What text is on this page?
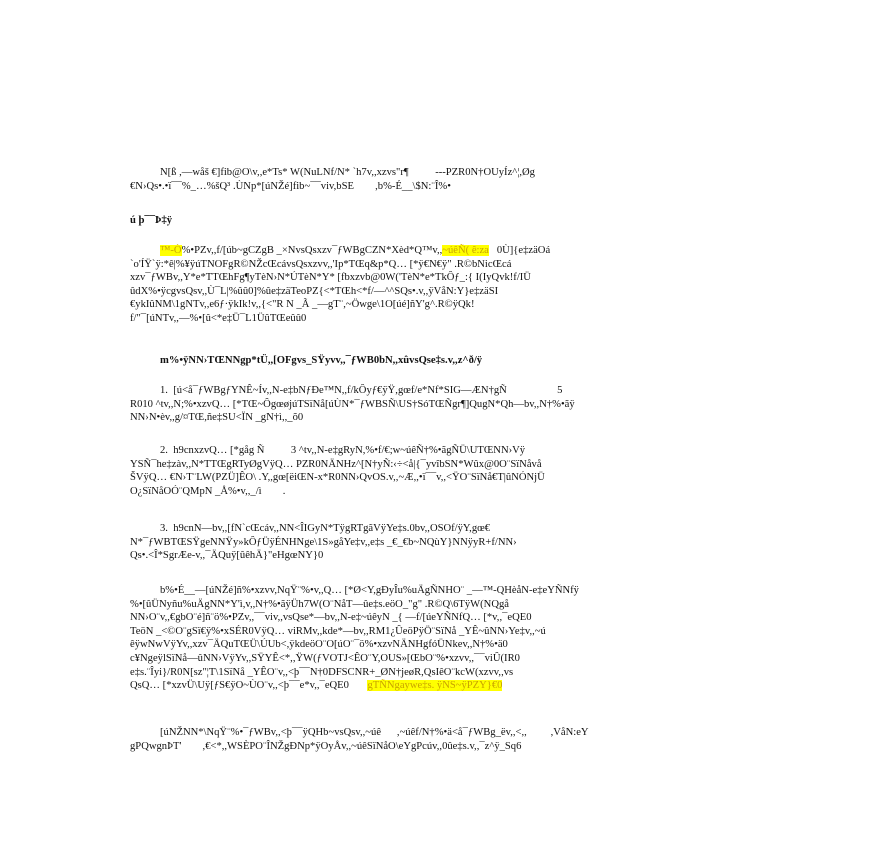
N[ß ,—wåš €]fib@O\v,,e*Ts* W(NuLNf/N* `h7v,,xzvs"r¶          ---PZR0N†OUyÍz^¦,Øg
€N›Qs•.•ï¯¯%_…%šQ³ .ÙNp*[úNŽé]fib~¯¯viv,bSE        ,b%-É__\$N:¨Î%•
ú þ¯¯Þ‡ÿ
™-Ò%•PZv,,f/[úb~gCZgB _×NvsQsxzv¯ƒWBgCZN*Xèd*Q™v,,~úêÑ( ê:za   0Ù]{e‡zäOá
`o'ÍŸ`ÿ:*ê|%¥ÿúTNOFgR©NŽcŒcávsQsxzvv,,'Ip*TŒq&p*Q… [*ÿ€N€ÿ" .R©bNicŒcá
xzv¯ƒWBv,,Y*e*TTŒhFg¶yTèN›N*ÚTèN*Y* [fbxzvb@0W('TèN*e*TkÔƒ_:{ I(IyQvk!f/IÜ
ûdX%•ÿcgvsQsv,,Ù¯L|%ûû0]%ûe‡zäTeoPZ{<*TŒh<*f/—^^SQs•.v,,ÿVåN:Y}e‡zäSI
€ykIûNM\1gNTv,,e6ƒ·ÿkIk!v,,{<"R N _Ã _—gT¨,~Öwge\1O[úé]ñY'g^.R©ÿQk!
f/"¯[úNTv,,—%•[û<*e‡Ü¯L1ÜûTŒeûû0
m%•ÿNN›TŒNNgp*tÜ,,[OFgvs_SŸyvv,,¯ƒWB0bN,,xûvsQse‡s.v,,z^ð/ÿ
1.  [ú<å¯ƒWBgƒYNÊ~Ív,,N-e‡bNƒÐe™N,,f/kÔyƒ€ÿŸ,gœf/e*Nf*SIG—ÆN†gÑ                   5
R010 ^tv,,N;%•xzvQ… [*TŒ~ÔgœøjúTSïNå[úÙN*¯ƒWBSÑ\US†SóTŒÑgr¶]QugN*Qh—bv,,N†%•ãÿ
NN›N•èv,,g/¤TŒ,ñe‡SU<ÏN _gN†ì,,_õ0
2.  h9cnxzvQ… [*gåg Ñ          3 ^tv,,N-e‡gRyN,%•f/€;w~úêÑ†%•ãgÑÜ\UTŒNN›Vÿ
YSÑ¯he‡zàv,,N*TTŒgRTyØgVÿQ… PZR0NÄNHz^[N†yÑ:‹÷<å|{¯yvîbSN*Wûx@0O¨SïNåvå
ŠVÿQ… €N›T¨LW(PZÜ]ÊO\ .Y,,gœ[ëiŒN-x*R0NN›QvOS.v,,~Æ,,•ï¯¯v,,<ŸO¨SïNå€T|ûNÓNjÜ
O¿SïNåOÓ¨QMpN _Å%•v,,_/ì        .
3.  h9cnN—bv,,[fN`cŒcáv,,NN<ÎIGyN*TÿgRTgãVÿYe‡s.0bv,,OSOf/ÿY,gœ€
N*¯ƒWBTŒSŸgeNNŸy»kÔƒÜÿÉNHNge\1S»gåYe‡v,,e‡s _€_€b~NQùY}NNÿyR+f/NN›
Qs•.<Î*SgrÆe-v,,¯ÄQuÿ[ûêhÄ}"eHgœNY}0
b%•É__—[úNŽé]ñ%•xzvv,NqŸ¨%•v,,Q… [*Ø<Y,gÐyÎu%uÄgÑNHO¨ _—™-QHèåN-e‡eYÑNfÿ
%•[ûÜNyñu%uÄgNN*Y'ì,v,,N†%•ãÿÜh7W(O¨NåT—ûe‡s.eöO_"g" .R©Q\6TÿW(NQgå
NN›O¨v,,€gbO¨é]ñ¨ö%•PZv,,¯¯viv,,vsQse*—bv,,N-e‡~úêyN _{ —f/[úeYÑNfQ… [*v,,¯eQE0
TeöN _<©O¨gSï€ÿ%•xSÉR0VÿQ… viRMv,,kde*—bv,,RM1¿ÛeöPÿÖ¨SïNå _YÊ~ûNN›Ye‡v,,~ú
êÿwNwVÿYv,,xzv¯ÄQuTŒÜ\ÚUb<,ÿkdeöO¨O[úO¨¯ö%•xzvNÄNHgfóÜNkev,,N†%•ä0
c¥NgeÿlSïNå—ûNN›VÿYv,,SŸYÊ<*,,ŸW(ƒVOTJ<ÊO¨Y,OUS»[ŒbO¨%•xzvv,,¯¯viÛ(IR0
e‡s.¨Îyi}/R0N[sz"¦T\1SïNå _YÊO¨v,,<þ¯¯N†0DFSCNR+_ØN†jeøR,QsIêO¨kcW(xzvv,,vs
QsQ… [*xzvÜ\Uÿ[ƒS€ÿO~ÙO¨v,,<þ¯¯e*v,,¯eQE0       gTÑNgaywe‡s. ÿNS~ÿPZY}€0
[úNŽNN*\NqŸ¨%•¯ƒWBv,,<þ¯¯ÿQHb~vsQsv,,~úê      ,~úêf/N†%•ä<å¯ƒWBg_ëv,,<,,         ,VåN:eY
gPQwgnÞT'        ,€<*,,WSÈPO¨ÎNŽgÐNp*ÿOyÅv,,~úêSïNåO\eYgPcúv,,0ûe‡s.v,,¯z^ÿ_Sq6
